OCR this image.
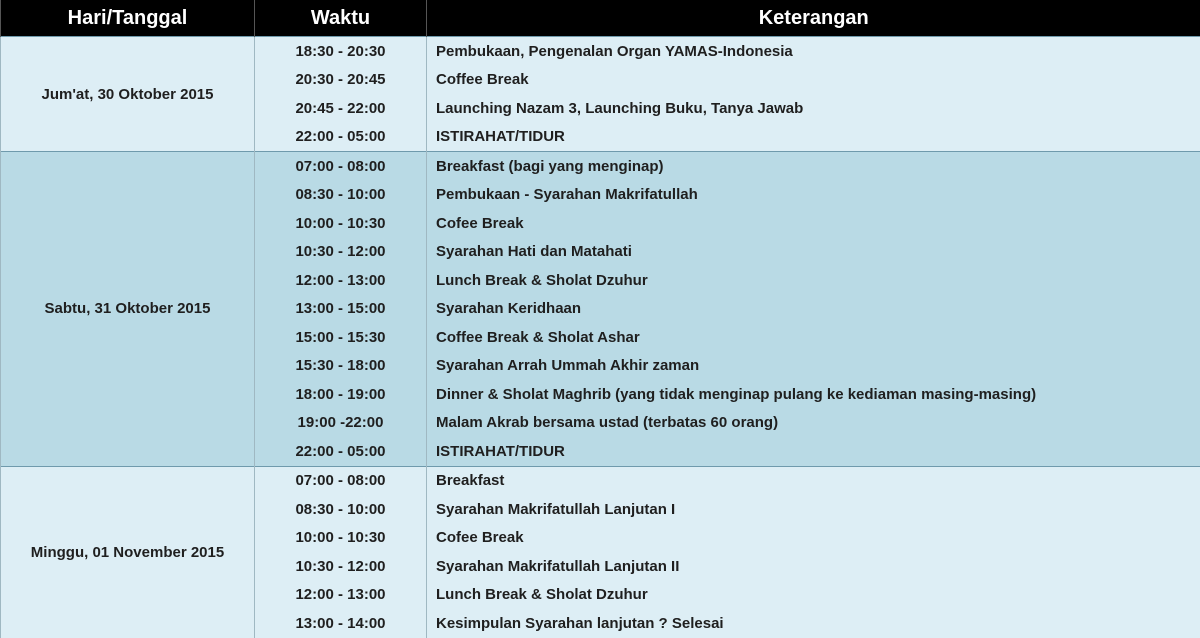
Hari/Tanggal	Waktu	Keterangan
Jum'at, 30 Oktober 2015	18:30 - 20:30	Pembukaan, Pengenalan Organ YAMAS-Indonesia
	20:30 - 20:45	Coffee Break
	20:45 - 22:00	Launching Nazam 3, Launching Buku, Tanya Jawab
	22:00 - 05:00	ISTIRAHAT/TIDUR
Sabtu, 31 Oktober 2015	07:00 - 08:00	Breakfast (bagi yang menginap)
	08:30 - 10:00	Pembukaan - Syarahan Makrifatullah
	10:00 - 10:30	Cofee Break
	10:30 - 12:00	Syarahan Hati dan Matahati
	12:00 - 13:00	Lunch Break & Sholat Dzuhur
	13:00 - 15:00	Syarahan Keridhaan
	15:00 - 15:30	Coffee Break & Sholat Ashar
	15:30 - 18:00	Syarahan Arrah Ummah Akhir zaman
	18:00 - 19:00	Dinner & Sholat Maghrib (yang tidak menginap pulang ke kediaman masing-masing)
	19:00 -22:00	Malam Akrab bersama ustad (terbatas 60 orang)
	22:00 - 05:00	ISTIRAHAT/TIDUR
Minggu, 01 November 2015	07:00 - 08:00	Breakfast
	08:30 - 10:00	Syarahan Makrifatullah Lanjutan I
	10:00 - 10:30	Cofee Break
	10:30 - 12:00	Syarahan Makrifatullah Lanjutan II
	12:00 - 13:00	Lunch Break & Sholat Dzuhur
	13:00 - 14:00	Kesimpulan Syarahan lanjutan ? Selesai
